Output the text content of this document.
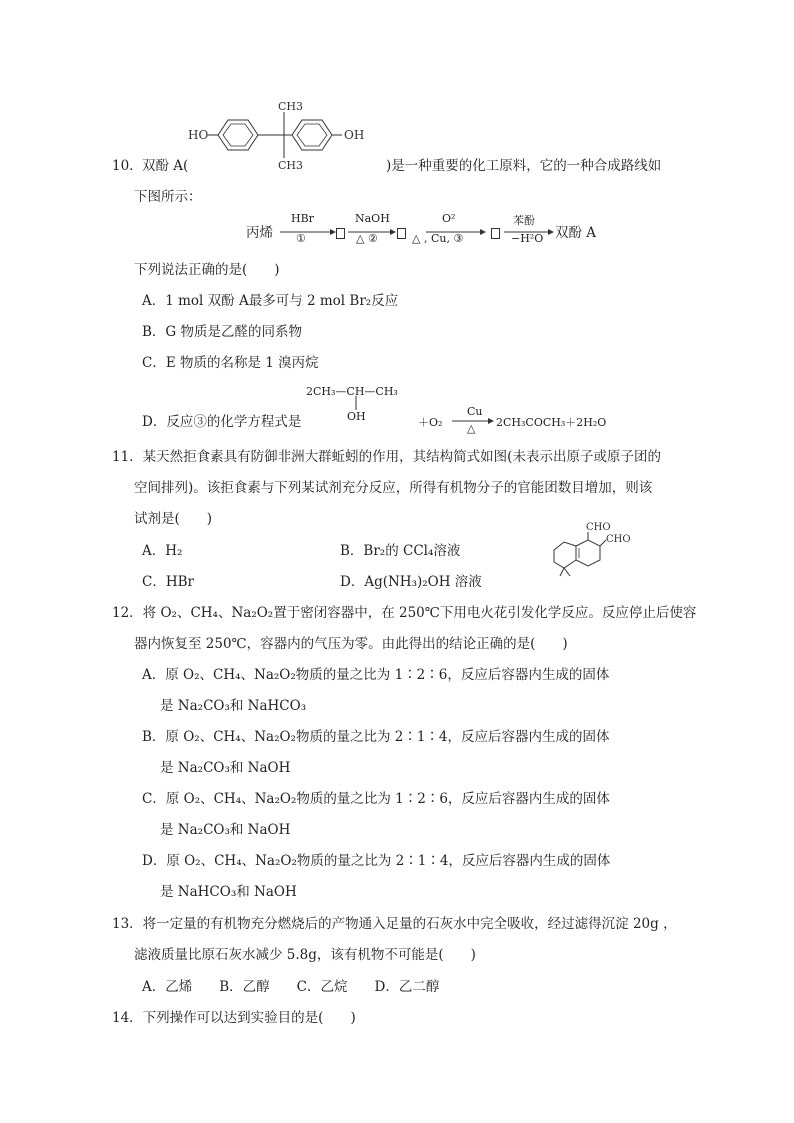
HO
CH3
CH3
OH
10． 双酚 A(	)是一种重要的化工原料，它的一种合成路线如
下图所示：
丙烯
HBr
①
NaOH
△ ②
O²
△ , Cu, ③
苯酚
−H²O 双酚 A
下列说法正确的是(　　)
A．1 mol 双酚 A最多可与 2 mol Br₂反应
B．G 物质是乙醛的同系物
C．E 物质的名称是 1 溴丙烷
D．反应③的化学方程式是
2CH₃—CH—CH₃
OH	＋O₂
Cu
△ 2CH₃COCH₃＋2H₂O
11．某天然拒食素具有防御非洲大群蚯蚓的作用，其结构简式如图(未表示出原子或原子团的
空间排列)。该拒食素与下列某试剂充分反应，所得有机物分子的官能团数目增加，则该
试剂是(　　)
A．H₂	B．Br₂的 CCl₄溶液
C．HBr	D．Ag(NH₃)₂OH 溶液
CHO
CHO
12．将 O₂、CH₄、Na₂O₂置于密闭容器中，在 250℃下用电火花引发化学反应。反应停止后使容
器内恢复至 250℃，容器内的气压为零。由此得出的结论正确的是(　　)
A．原 O₂、CH₄、Na₂O₂物质的量之比为 1∶2∶6，反应后容器内生成的固体
是 Na₂CO₃和 NaHCO₃
B．原 O₂、CH₄、Na₂O₂物质的量之比为 2∶1∶4，反应后容器内生成的固体
是 Na₂CO₃和 NaOH
C．原 O₂、CH₄、Na₂O₂物质的量之比为 1∶2∶6，反应后容器内生成的固体
是 Na₂CO₃和 NaOH
D．原 O₂、CH₄、Na₂O₂物质的量之比为 2∶1∶4，反应后容器内生成的固体
是 NaHCO₃和 NaOH
13．将一定量的有机物充分燃烧后的产物通入足量的石灰水中完全吸收，经过滤得沉淀 20g ，
滤液质量比原石灰水减少 5.8g，该有机物不可能是(　　)
A．乙烯　　B．乙醇　　C．乙烷　　D．乙二醇
14．下列操作可以达到实验目的是(　　)
